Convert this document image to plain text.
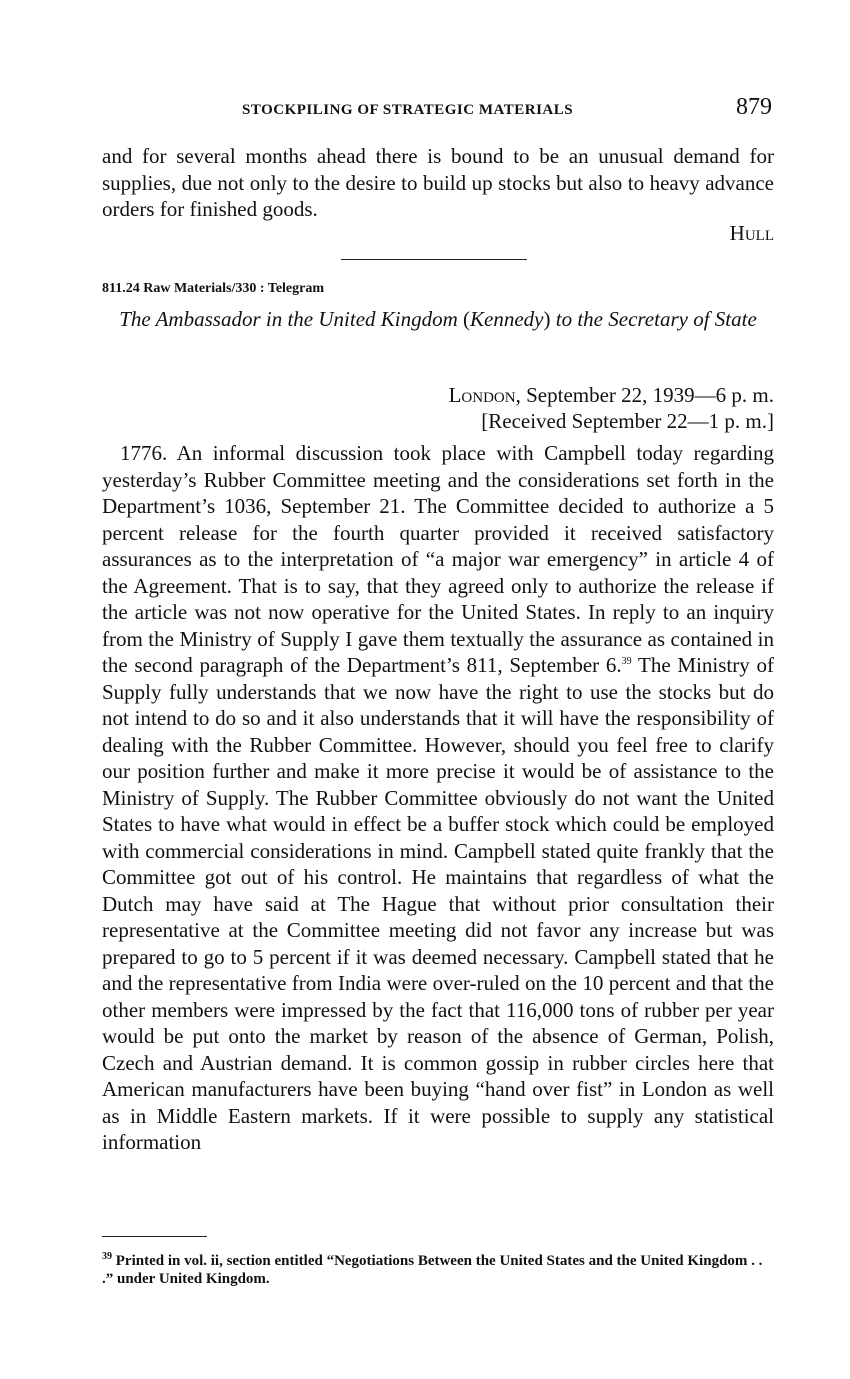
STOCKPILING OF STRATEGIC MATERIALS	879

and for several months ahead there is bound to be an unusual demand for supplies, due not only to the desire to build up stocks but also to heavy advance orders for finished goods.

Hull
811.24 Raw Materials/330 : Telegram

The Ambassador in the United Kingdom (Kennedy) to the Secretary of State

London, September 22, 1939—6 p. m.
[Received September 22—1 p. m.]

1776. An informal discussion took place with Campbell today regarding yesterday’s Rubber Committee meeting and the considerations set forth in the Department’s 1036, September 21. The Committee decided to authorize a 5 percent release for the fourth quarter provided it received satisfactory assurances as to the interpretation of “a major war emergency” in article 4 of the Agreement. That is to say, that they agreed only to authorize the release if the article was not now operative for the United States. In reply to an inquiry from the Ministry of Supply I gave them textually the assurance as contained in the second paragraph of the Department’s 811, September 6.39 The Ministry of Supply fully understands that we now have the right to use the stocks but do not intend to do so and it also understands that it will have the responsibility of dealing with the Rubber Committee. However, should you feel free to clarify our position further and make it more precise it would be of assistance to the Ministry of Supply. The Rubber Committee obviously do not want the United States to have what would in effect be a buffer stock which could be employed with commercial considerations in mind. Campbell stated quite frankly that the Committee got out of his control. He maintains that regardless of what the Dutch may have said at The Hague that without prior consultation their representative at the Committee meeting did not favor any increase but was prepared to go to 5 percent if it was deemed necessary. Campbell stated that he and the representative from India were over-ruled on the 10 percent and that the other members were impressed by the fact that 116,000 tons of rubber per year would be put onto the market by reason of the absence of German, Polish, Czech and Austrian demand. It is common gossip in rubber circles here that American manufacturers have been buying “hand over fist” in London as well as in Middle Eastern markets. If it were possible to supply any statistical information

$^{39}$ Printed in vol. ii, section entitled “Negotiations Between the United States and the United Kingdom . . .” under United Kingdom.
